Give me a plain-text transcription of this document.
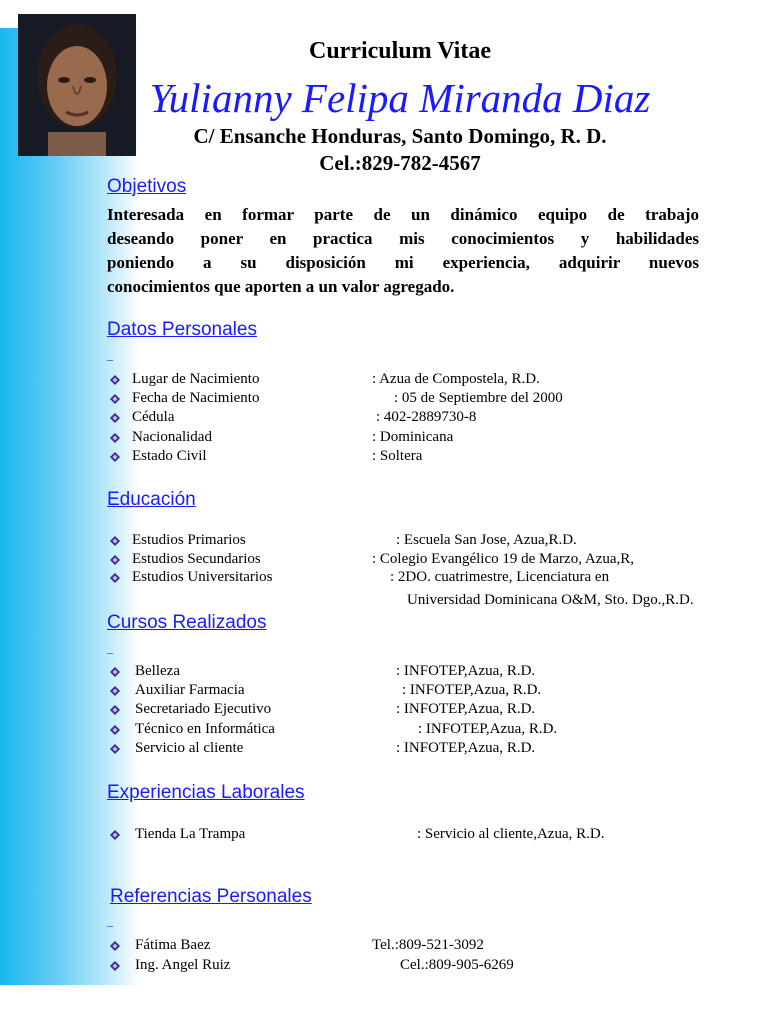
Curriculum Vitae
Yulianny Felipa Miranda Diaz
C/ Ensanche Honduras, Santo Domingo, R. D.
Cel.:829-782-4567
Objetivos
Interesada en formar parte de un dinámico equipo de trabajo
deseando poner en practica mis conocimientos y habilidades
poniendo a su disposición mi experiencia, adquirir nuevos
conocimientos que aporten a un valor agregado.
Datos Personales
_
Lugar de Nacimiento	: Azua de Compostela, R.D.
Fecha de Nacimiento	: 05 de Septiembre del 2000
Cédula	: 402-2889730-8
Nacionalidad	: Dominicana
Estado Civil	: Soltera
Educación
Estudios Primarios	: Escuela San Jose, Azua,R.D.
Estudios Secundarios	: Colegio Evangélico 19 de Marzo, Azua,R,
Estudios Universitarios	: 2DO. cuatrimestre, Licenciatura en
Universidad Dominicana O&M, Sto. Dgo.,R.D.
Cursos Realizados
_
Belleza	: INFOTEP,Azua, R.D.
Auxiliar Farmacia	: INFOTEP,Azua, R.D.
Secretariado Ejecutivo	: INFOTEP,Azua, R.D.
Técnico en Informática	: INFOTEP,Azua, R.D.
Servicio al cliente	: INFOTEP,Azua, R.D.
Experiencias Laborales
Tienda La Trampa	: Servicio al cliente,Azua, R.D.
Referencias Personales
_
Fátima Baez	Tel.:809-521-3092
Ing. Angel Ruiz	Cel.:809-905-6269
